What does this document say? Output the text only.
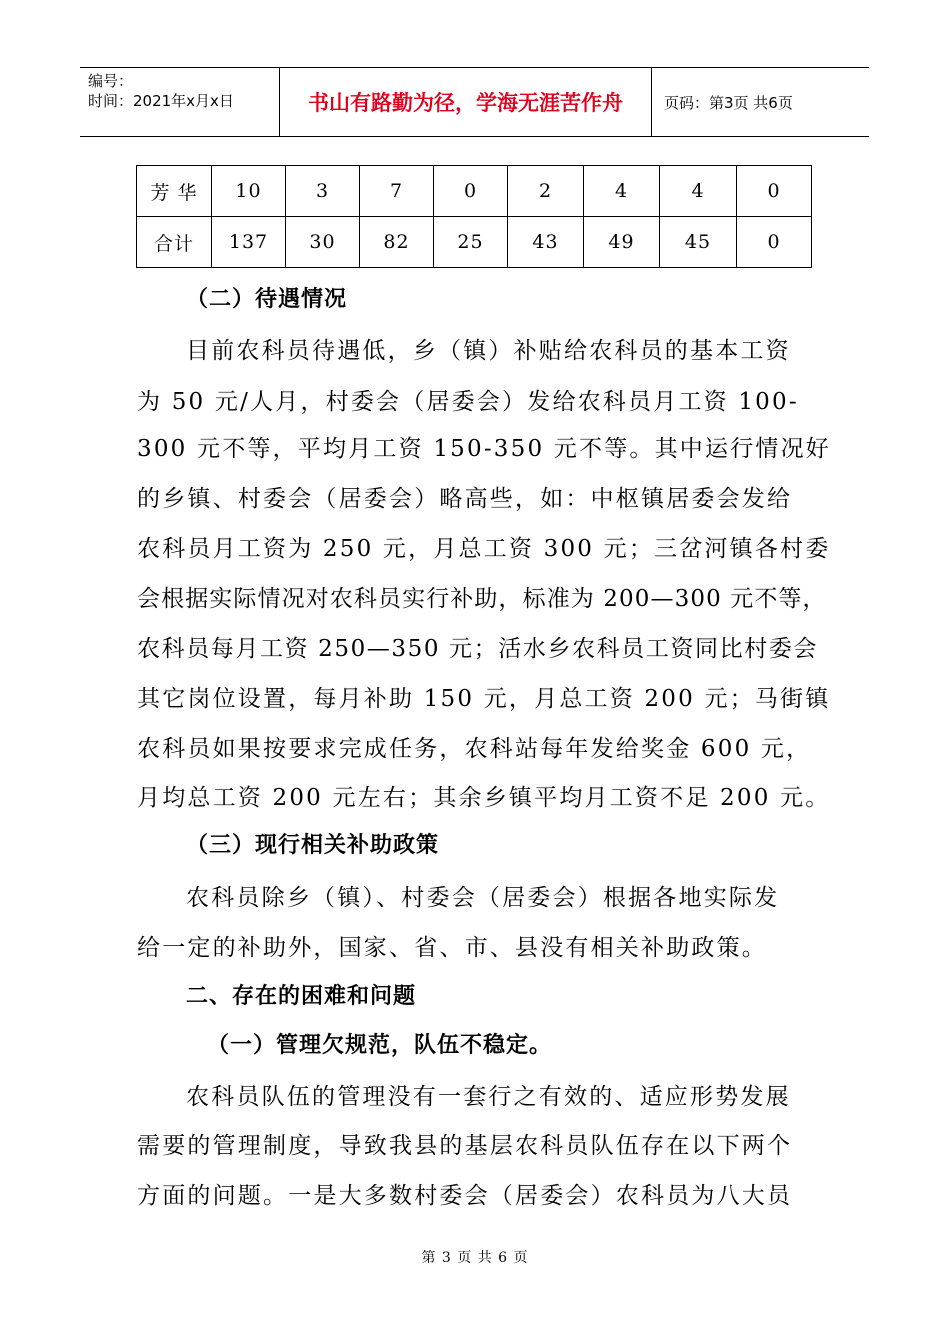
编号：
时间：2021年x月x日	书山有路勤为径，学海无涯苦作舟	页码：第3页 共6页
芳 华	10	3	7	0	2	4	4	0
合计	137	30	82	25	43	49	45	0
（二）待遇情况
目前农科员待遇低，乡（镇）补贴给农科员的基本工资
为 50 元/人月，村委会（居委会）发给农科员月工资 100-
300 元不等，平均月工资 150-350 元不等。其中运行情况好
的乡镇、村委会（居委会）略高些，如：中枢镇居委会发给
农科员月工资为 250 元，月总工资 300 元；三岔河镇各村委
会根据实际情况对农科员实行补助，标准为 200—300 元不等，
农科员每月工资 250—350 元；活水乡农科员工资同比村委会
其它岗位设置，每月补助 150 元，月总工资 200 元；马街镇
农科员如果按要求完成任务，农科站每年发给奖金 600 元，
月均总工资 200 元左右；其余乡镇平均月工资不足 200 元。
（三）现行相关补助政策
农科员除乡（镇）、村委会（居委会）根据各地实际发
给一定的补助外，国家、省、市、县没有相关补助政策。
二、存在的困难和问题
（一）管理欠规范，队伍不稳定。
农科员队伍的管理没有一套行之有效的、适应形势发展
需要的管理制度，导致我县的基层农科员队伍存在以下两个
方面的问题。一是大多数村委会（居委会）农科员为八大员
第 3 页 共 6 页
